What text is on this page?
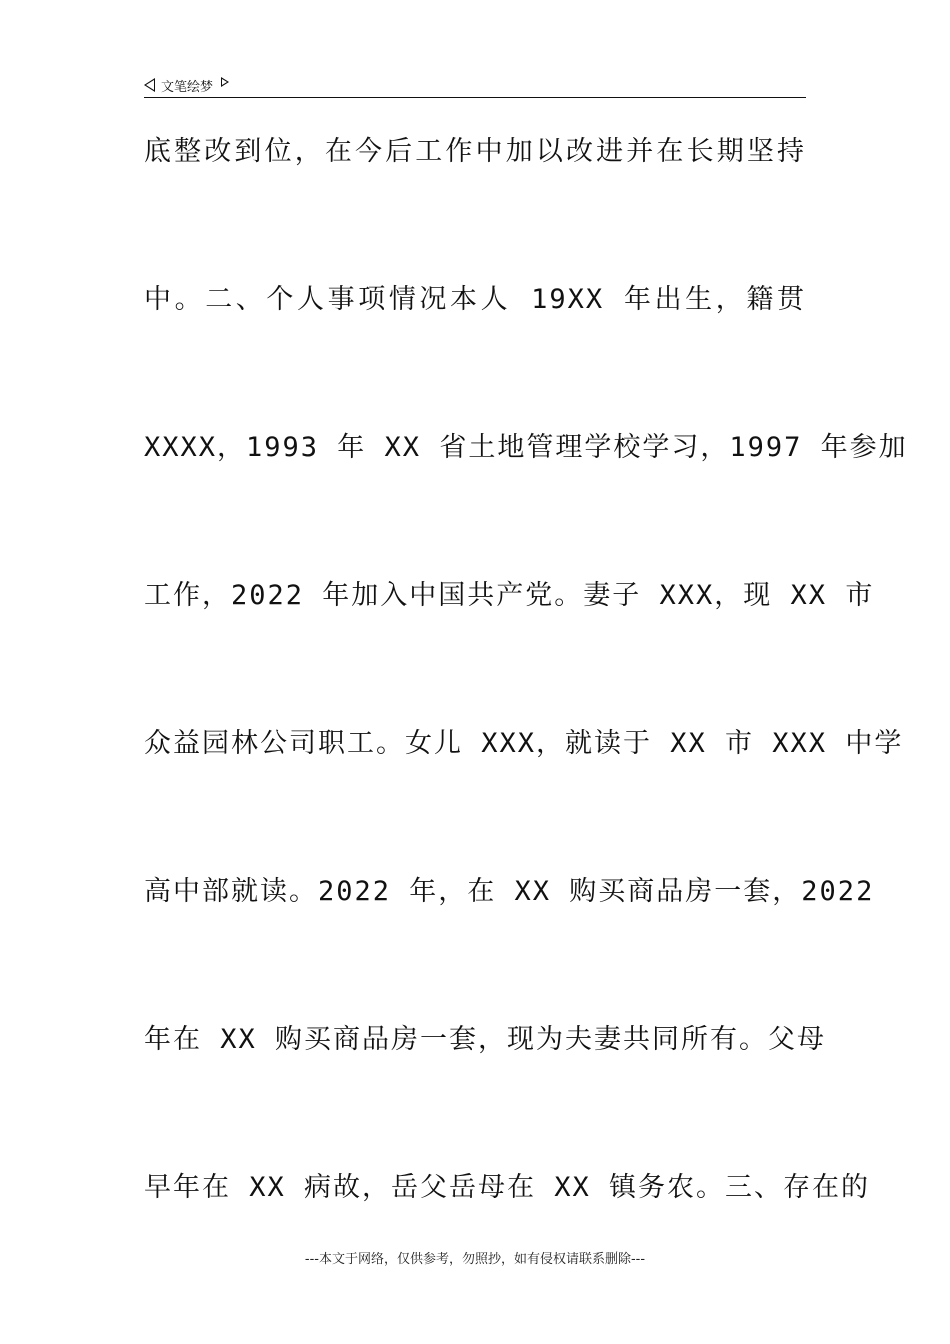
文笔绘梦
底整改到位，在今后工作中加以改进并在长期坚持
中。二、个人事项情况本人 19XX 年出生，籍贯
XXXX，1993 年 XX 省土地管理学校学习，1997 年参加
工作，2022 年加入中国共产党。妻子 XXX，现 XX 市
众益园林公司职工。女儿 XXX，就读于 XX 市 XXX 中学
高中部就读。2022 年，在 XX 购买商品房一套，2022
年在 XX 购买商品房一套，现为夫妻共同所有。父母
早年在 XX 病故，岳父岳母在 XX 镇务农。三、存在的
---本文于网络，仅供参考，勿照抄，如有侵权请联系删除---
